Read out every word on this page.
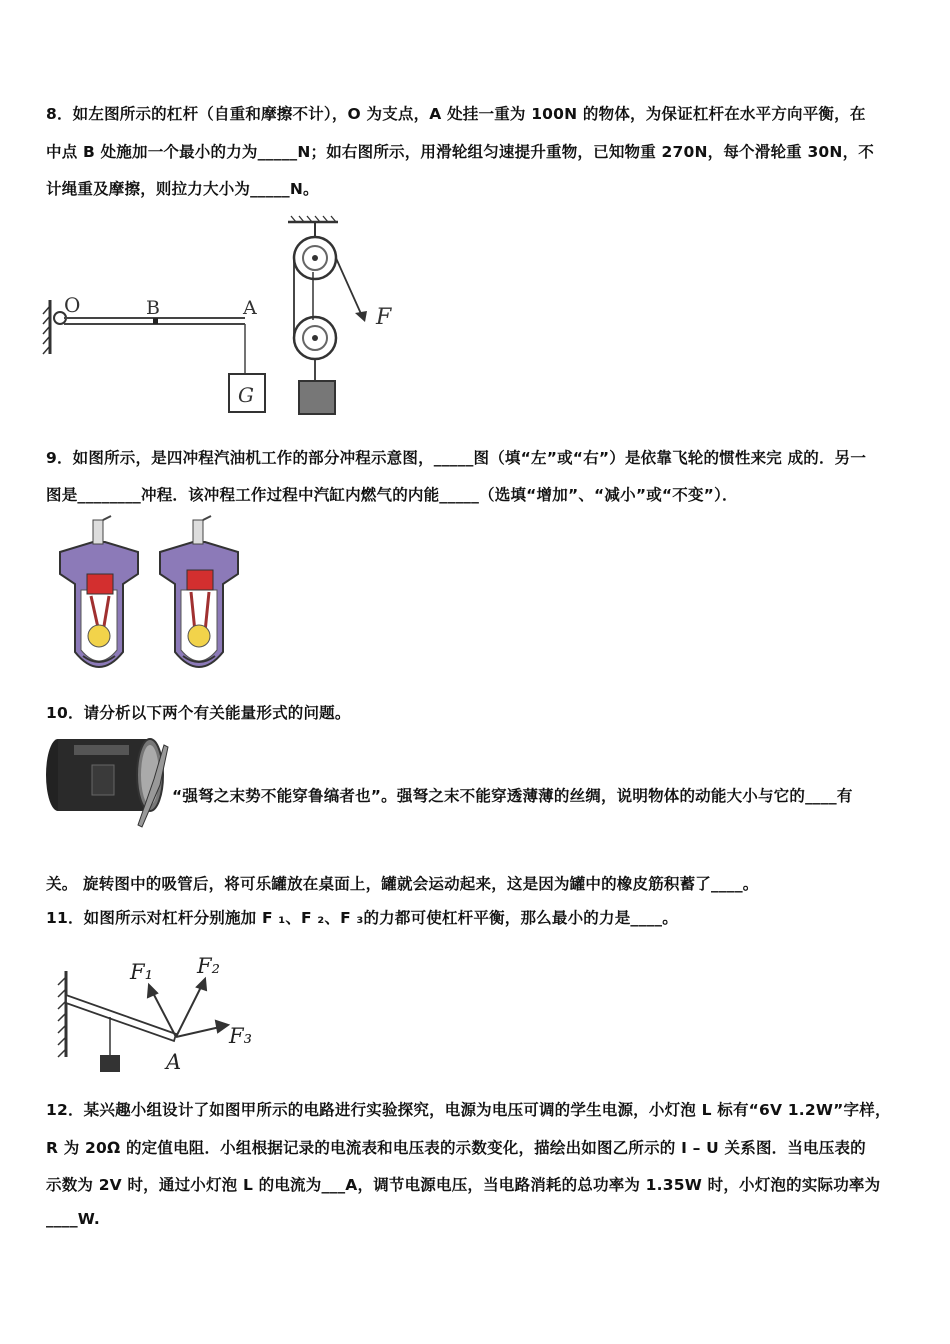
8．如左图所示的杠杆（自重和摩擦不计），O 为支点，A 处挂一重为 100N 的物体，为保证杠杆在水平方向平衡，在
中点 B 处施加一个最小的力为_____N；如右图所示，用滑轮组匀速提升重物，已知物重 270N，每个滑轮重 30N，不
计绳重及摩擦，则拉力大小为_____N。
O	B	A
G
F
9．如图所示，是四冲程汽油机工作的部分冲程示意图，_____图（填“左”或“右”）是依靠飞轮的惯性来完 成的．另一
图是________冲程．该冲程工作过程中汽缸内燃气的内能_____（选填“增加”、“减小”或“不变”）．
10．请分析以下两个有关能量形式的问题。
“强弩之末势不能穿鲁缟者也”。强弩之末不能穿透薄薄的丝绸，说明物体的动能大小与它的____有
关。 旋转图中的吸管后，将可乐罐放在桌面上，罐就会运动起来，这是因为罐中的橡皮筋积蓄了____。
11．如图所示对杠杆分别施加 F ₁、F ₂、F ₃的力都可使杠杆平衡，那么最小的力是____。
F₁ F₂
F₃
A
12．某兴趣小组设计了如图甲所示的电路进行实验探究，电源为电压可调的学生电源，小灯泡 L 标有“6V 1.2W”字样，
R 为 20Ω 的定值电阻．小组根据记录的电流表和电压表的示数变化，描绘出如图乙所示的 I – U 关系图．当电压表的
示数为 2V 时，通过小灯泡 L 的电流为___A，调节电源电压，当电路消耗的总功率为 1.35W 时，小灯泡的实际功率为
____W.
